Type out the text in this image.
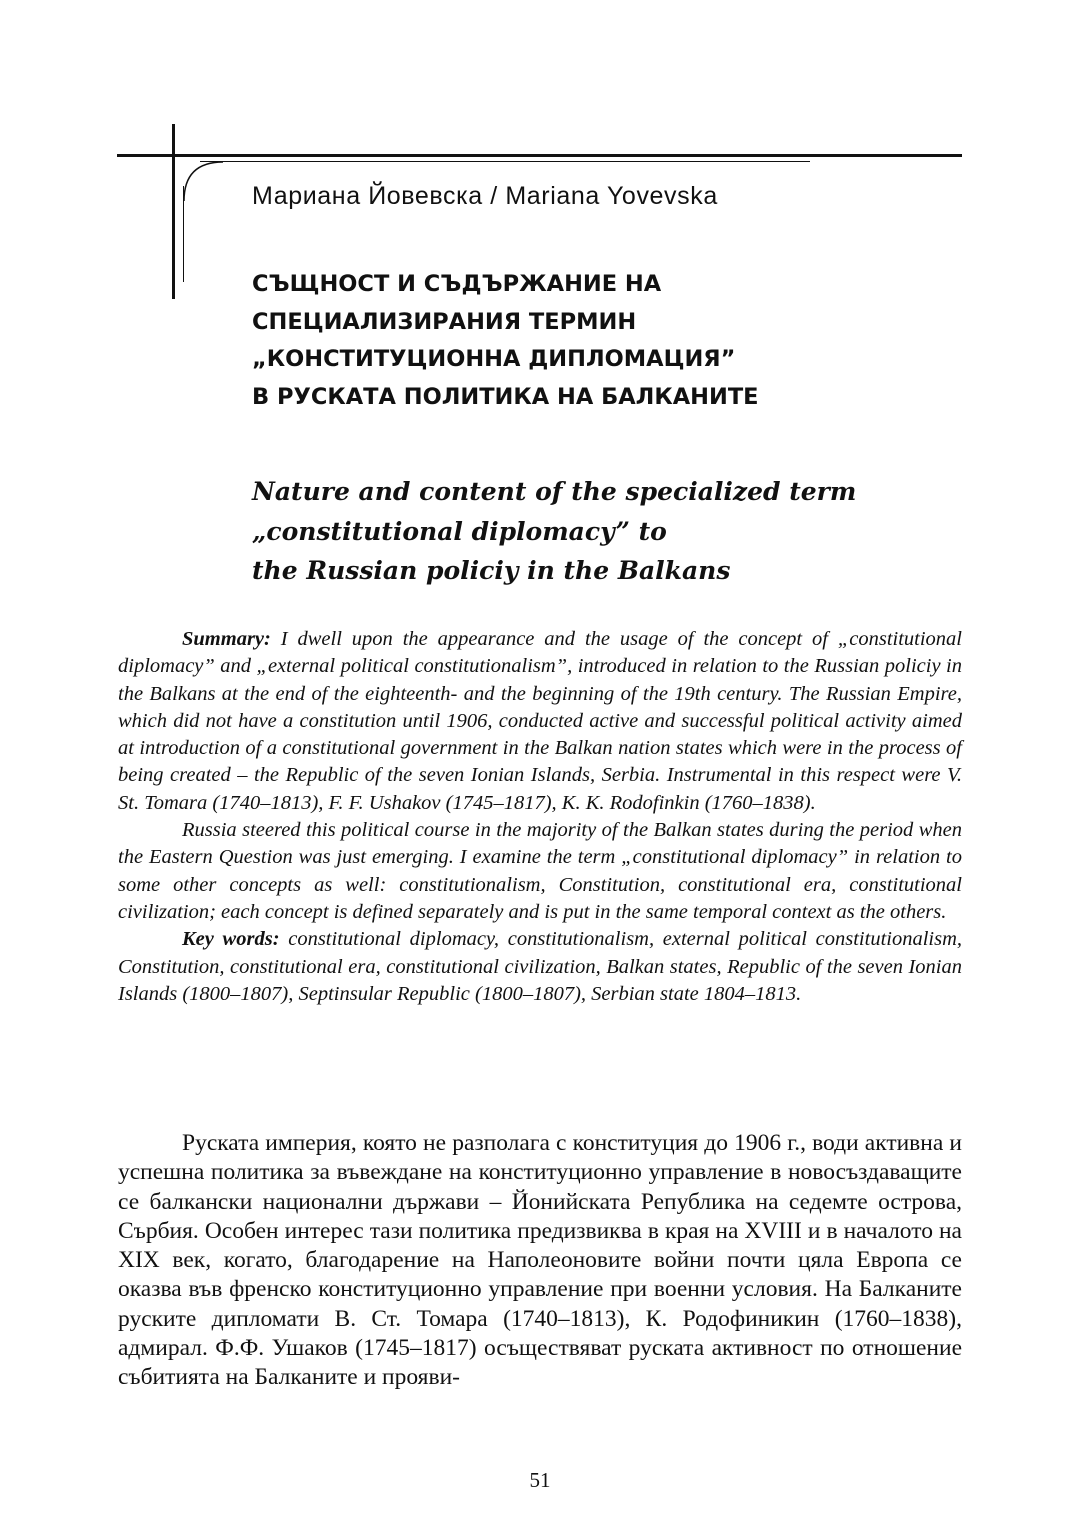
Мариана Йовевска / Mariana Yovevska
СЪЩНОСТ И СЪДЪРЖАНИЕ НА
СПЕЦИАЛИЗИРАНИЯ ТЕРМИН
„КОНСТИТУЦИОННА ДИПЛОМАЦИЯ”
В РУСКАТА ПОЛИТИКА НА БАЛКАНИТЕ
Nature and content of the specialized term
„constitutional diplomacy” to
the Russian policiy in the Balkans

Summary: I dwell upon the appearance and the usage of the concept of „constitutional diplomacy” and „external political constitutionalism”, introduced in relation to the Russian policiy in the Balkans at the end of the eighteenth- and the beginning of the 19th century. The Russian Empire, which did not have a constitution until 1906, conducted active and successful political activity aimed at introduction of a constitutional government in the Balkan nation states which were in the process of being created – the Republic of the seven Ionian Islands, Serbia. Instrumental in this respect were V. St. Tomara (1740–1813), F. F. Ushakov (1745–1817), K. K. Rodofinkin (1760–1838).

Russia steered this political course in the majority of the Balkan states during the period when the Eastern Question was just emerging. I examine the term „constitutional diplomacy” in relation to some other concepts as well: constitutionalism, Constitution, constitutional era, constitutional civilization; each concept is defined separately and is put in the same temporal context as the others.

Key words: constitutional diplomacy, constitutionalism, external political constitutionalism, Constitution, constitutional era, constitutional civilization, Balkan states, Republic of the seven Ionian Islands (1800–1807), Septinsular Republic (1800–1807), Serbian state 1804–1813.

Руската империя, която не разполага с конституция до 1906 г., води активна и успешна политика за въвеждане на конституционно управление в новосъздаващите се балкански национални държави – Йонийската Република на седемте острова, Сърбия. Особен интерес тази политика предизвиква в края на XVIII и в началото на XIX век, когато, благодарение на Наполеоновите войни почти цяла Европа се оказва във френско конституционно управление при военни условия. На Балканите руските дипломати В. Ст. Томара (1740–1813), К. Родофиникин (1760–1838), адмирал. Ф.Ф. Ушаков (1745–1817) осъществяват руската активност по отношение събитията на Балканите и прояви-

51
